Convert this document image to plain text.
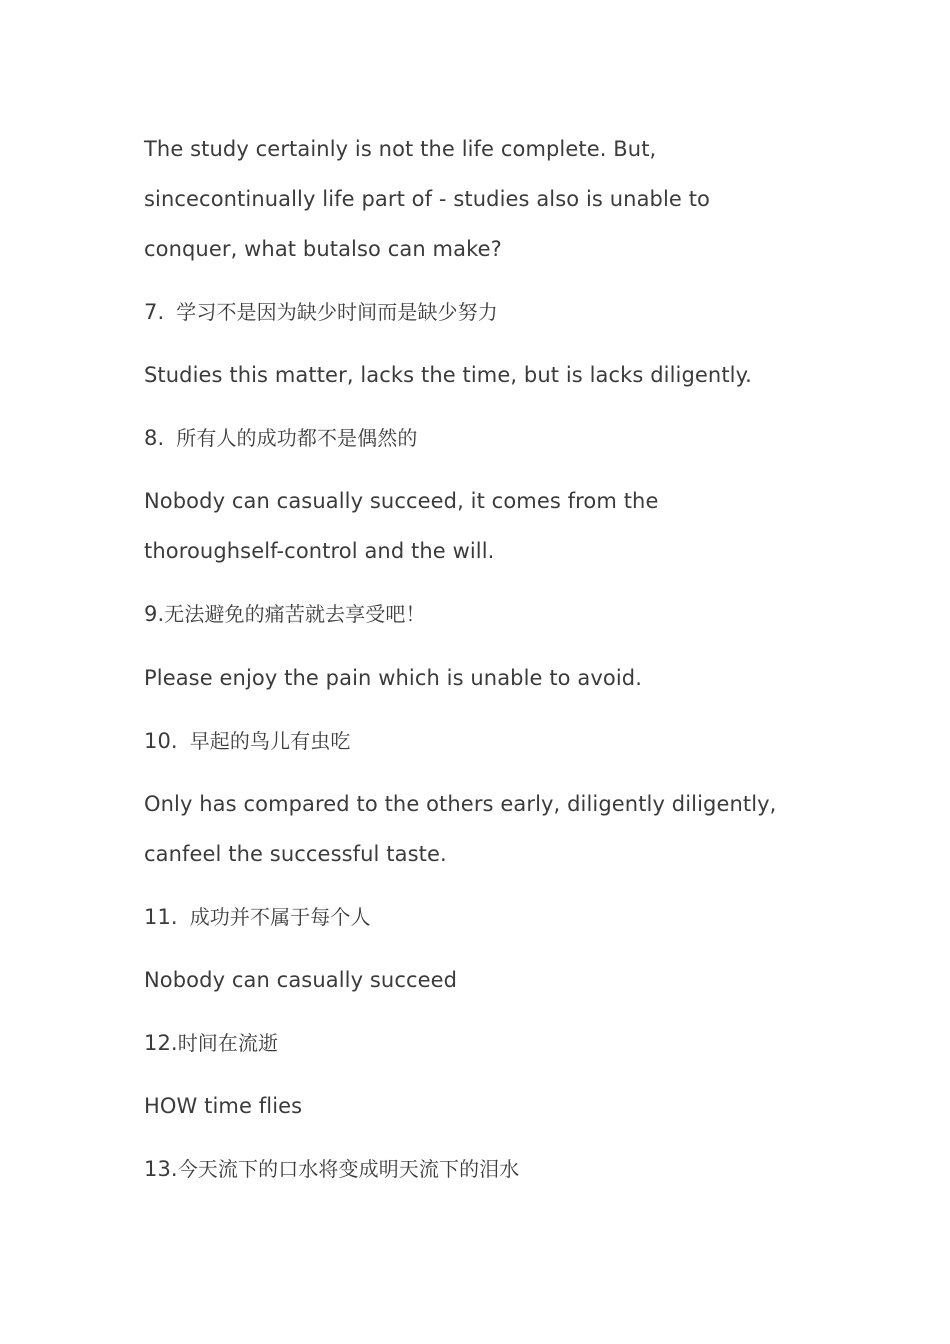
The study certainly is not the life complete. But,
sincecontinually life part of - studies also is unable to
conquer, what butalso can make?
7. 学习不是因为缺少时间而是缺少努力
Studies this matter, lacks the time, but is lacks diligently.
8. 所有人的成功都不是偶然的
Nobody can casually succeed, it comes from the
thoroughself-control and the will.
9.无法避免的痛苦就去享受吧！
Please enjoy the pain which is unable to avoid.
10. 早起的鸟儿有虫吃
Only has compared to the others early, diligently diligently,
canfeel the successful taste.
11. 成功并不属于每个人
Nobody can casually succeed
12.时间在流逝
HOW time flies
13.今天流下的口水将变成明天流下的泪水
